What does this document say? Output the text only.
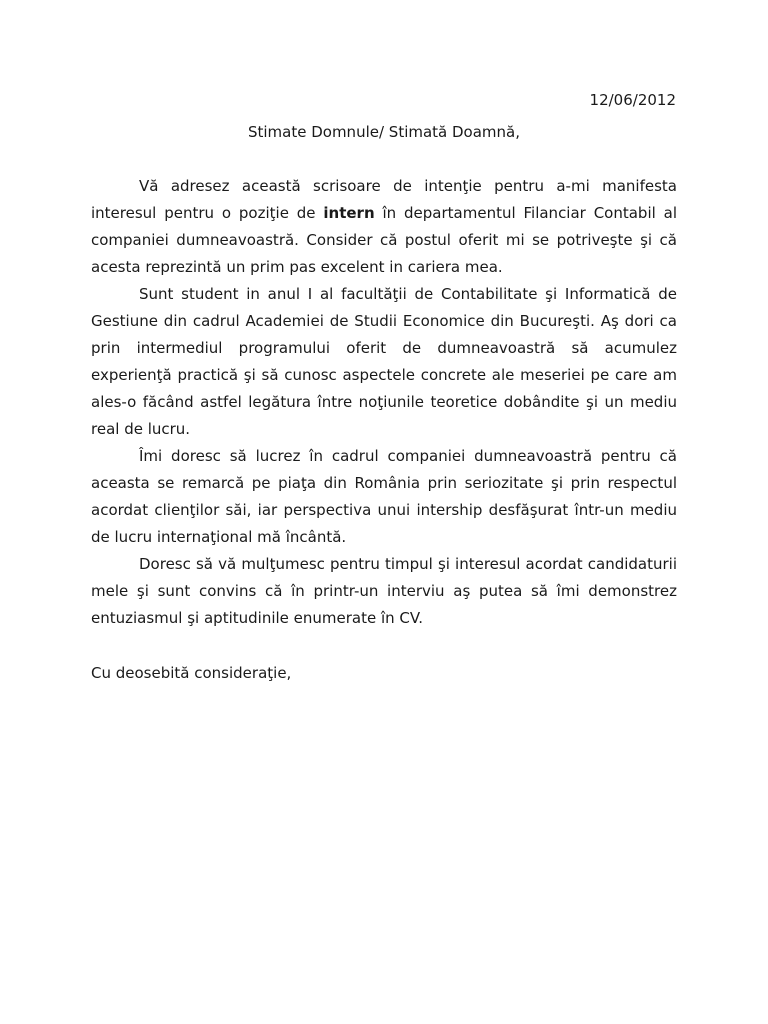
12/06/2012
Stimate Domnule/ Stimată Doamnă,

Vă adresez această scrisoare de intenţie pentru a-mi manifesta interesul pentru o poziţie de intern în departamentul Filanciar Contabil al companiei dumneavoastră. Consider că postul oferit mi se potriveşte şi că acesta reprezintă un prim pas excelent in cariera mea.

Sunt student in anul I al facultăţii de Contabilitate şi Informatică de Gestiune din cadrul Academiei de Studii Economice din Bucureşti. Aş dori ca prin intermediul programului oferit de dumneavoastră să acumulez experienţă practică şi să cunosc aspectele concrete ale meseriei pe care am ales-o făcând astfel legătura între noţiunile teoretice dobândite şi un mediu real de lucru.

Îmi doresc să lucrez în cadrul companiei dumneavoastră pentru că aceasta se remarcă pe piaţa din România prin seriozitate şi prin respectul acordat clienţilor săi, iar perspectiva unui intership desfăşurat într-un mediu de lucru internaţional mă încântă.

Doresc să vă mulţumesc pentru timpul şi interesul acordat candidaturii mele şi sunt convins că în printr-un interviu aş putea să îmi demonstrez entuziasmul şi aptitudinile enumerate în CV.

Cu deosebită consideraţie,
